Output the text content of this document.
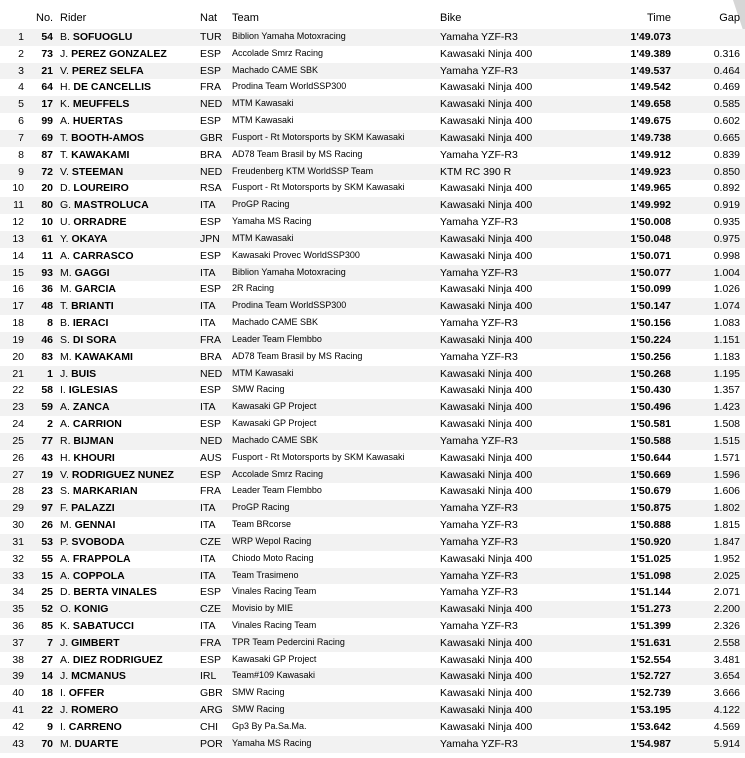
No. Rider	Nat Team	Bike	Time	Gap
1	54 B. SOFUOGLU	TUR Biblion Yamaha Motoxracing	Yamaha YZF-R3	1'49.073
2	73 J. PEREZ GONZALEZ	ESP Accolade Smrz Racing	Kawasaki Ninja 400	1'49.389	0.316
3	21 V. PEREZ SELFA	ESP Machado CAME SBK	Yamaha YZF-R3	1'49.537	0.464
4	64 H. DE CANCELLIS	FRA Prodina Team WorldSSP300	Kawasaki Ninja 400	1'49.542	0.469
5	17 K. MEUFFELS	NED MTM Kawasaki	Kawasaki Ninja 400	1'49.658	0.585
6	99 A. HUERTAS	ESP MTM Kawasaki	Kawasaki Ninja 400	1'49.675	0.602
7	69 T. BOOTH-AMOS	GBR Fusport - Rt Motorsports by SKM Kawasaki	Kawasaki Ninja 400	1'49.738	0.665
8	87 T. KAWAKAMI	BRA AD78 Team Brasil by MS Racing	Yamaha YZF-R3	1'49.912	0.839
9	72 V. STEEMAN	NED Freudenberg KTM WorldSSP Team	KTM RC 390 R	1'49.923	0.850
10	20 D. LOUREIRO	RSA Fusport - Rt Motorsports by SKM Kawasaki	Kawasaki Ninja 400	1'49.965	0.892
11	80 G. MASTROLUCA	ITA ProGP Racing	Kawasaki Ninja 400	1'49.992	0.919
12	10 U. ORRADRE	ESP Yamaha MS Racing	Yamaha YZF-R3	1'50.008	0.935
13	61 Y. OKAYA	JPN MTM Kawasaki	Kawasaki Ninja 400	1'50.048	0.975
14	11 A. CARRASCO	ESP Kawasaki Provec WorldSSP300	Kawasaki Ninja 400	1'50.071	0.998
15	93 M. GAGGI	ITA Biblion Yamaha Motoxracing	Yamaha YZF-R3	1'50.077	1.004
16	36 M. GARCIA	ESP 2R Racing	Kawasaki Ninja 400	1'50.099	1.026
17	48 T. BRIANTI	ITA Prodina Team WorldSSP300	Kawasaki Ninja 400	1'50.147	1.074
18	8 B. IERACI	ITA Machado CAME SBK	Yamaha YZF-R3	1'50.156	1.083
19	46 S. DI SORA	FRA Leader Team Flembbo	Kawasaki Ninja 400	1'50.224	1.151
20	83 M. KAWAKAMI	BRA AD78 Team Brasil by MS Racing	Yamaha YZF-R3	1'50.256	1.183
21	1 J. BUIS	NED MTM Kawasaki	Kawasaki Ninja 400	1'50.268	1.195
22	58 I. IGLESIAS	ESP SMW Racing	Kawasaki Ninja 400	1'50.430	1.357
23	59 A. ZANCA	ITA Kawasaki GP Project	Kawasaki Ninja 400	1'50.496	1.423
24	2 A. CARRION	ESP Kawasaki GP Project	Kawasaki Ninja 400	1'50.581	1.508
25	77 R. BIJMAN	NED Machado CAME SBK	Yamaha YZF-R3	1'50.588	1.515
26	43 H. KHOURI	AUS Fusport - Rt Motorsports by SKM Kawasaki	Kawasaki Ninja 400	1'50.644	1.571
27	19 V. RODRIGUEZ NUNEZ ESP Accolade Smrz Racing	Kawasaki Ninja 400	1'50.669	1.596
28	23 S. MARKARIAN	FRA Leader Team Flembbo	Kawasaki Ninja 400	1'50.679	1.606
29	97 F. PALAZZI	ITA ProGP Racing	Yamaha YZF-R3	1'50.875	1.802
30	26 M. GENNAI	ITA Team BRcorse	Yamaha YZF-R3	1'50.888	1.815
31	53 P. SVOBODA	CZE WRP Wepol Racing	Yamaha YZF-R3	1'50.920	1.847
32	55 A. FRAPPOLA	ITA Chiodo Moto Racing	Kawasaki Ninja 400	1'51.025	1.952
33	15 A. COPPOLA	ITA Team Trasimeno	Yamaha YZF-R3	1'51.098	2.025
34	25 D. BERTA VINALES	ESP Vinales Racing Team	Yamaha YZF-R3	1'51.144	2.071
35	52 O. KONIG	CZE Movisio by MIE	Kawasaki Ninja 400	1'51.273	2.200
36	85 K. SABATUCCI	ITA Vinales Racing Team	Yamaha YZF-R3	1'51.399	2.326
37	7 J. GIMBERT	FRA TPR Team Pedercini Racing	Kawasaki Ninja 400	1'51.631	2.558
38	27 A. DIEZ RODRIGUEZ	ESP Kawasaki GP Project	Kawasaki Ninja 400	1'52.554	3.481
39	14 J. MCMANUS	IRL Team#109 Kawasaki	Kawasaki Ninja 400	1'52.727	3.654
40	18 I. OFFER	GBR SMW Racing	Kawasaki Ninja 400	1'52.739	3.666
41	22 J. ROMERO	ARG SMW Racing	Kawasaki Ninja 400	1'53.195	4.122
42	9 I. CARRENO	CHI Gp3 By Pa.Sa.Ma.	Kawasaki Ninja 400	1'53.642	4.569
43	70 M. DUARTE	POR Yamaha MS Racing	Yamaha YZF-R3	1'54.987	5.914
